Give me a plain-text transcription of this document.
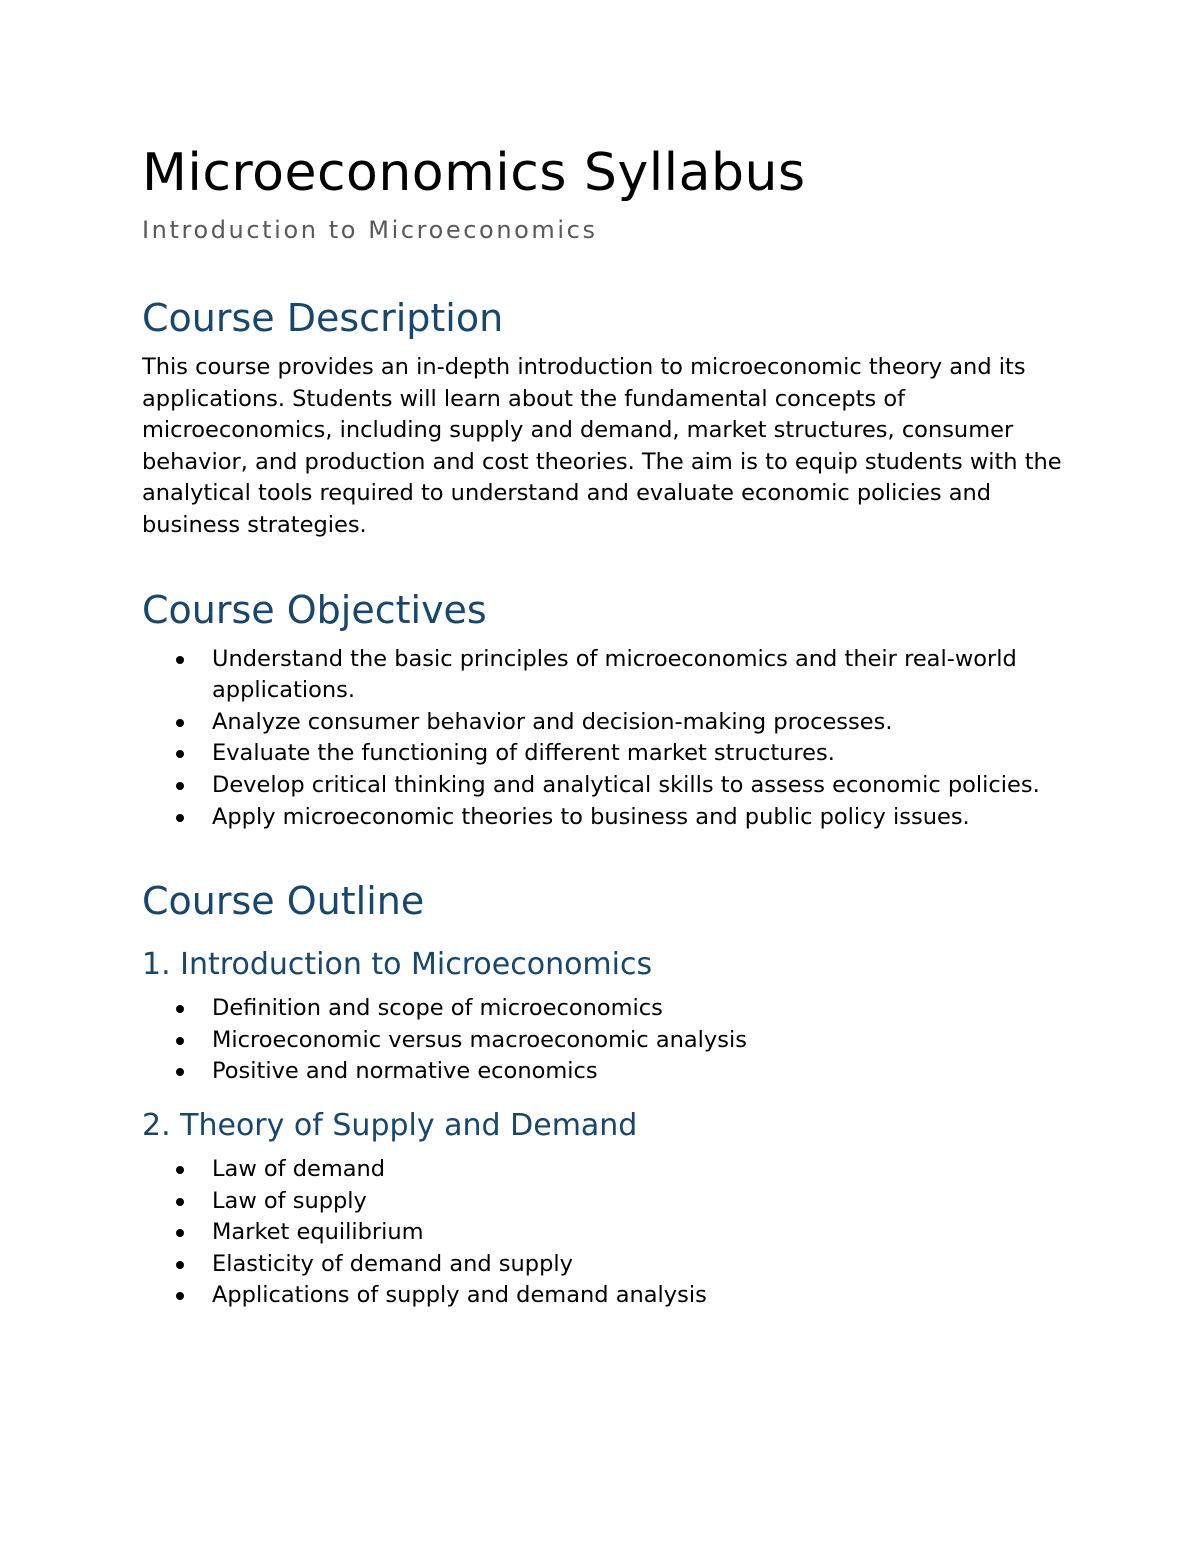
Microeconomics Syllabus
Introduction to Microeconomics
Course Description

This course provides an in-depth introduction to microeconomic theory and its applications. Students will learn about the fundamental concepts of microeconomics, including supply and demand, market structures, consumer behavior, and production and cost theories. The aim is to equip students with the analytical tools required to understand and evaluate economic policies and business strategies.

Course Objectives
Understand the basic principles of microeconomics and their real-world applications.
Analyze consumer behavior and decision-making processes.
Evaluate the functioning of different market structures.
Develop critical thinking and analytical skills to assess economic policies.
Apply microeconomic theories to business and public policy issues.
Course Outline
1. Introduction to Microeconomics
Definition and scope of microeconomics
Microeconomic versus macroeconomic analysis
Positive and normative economics
2. Theory of Supply and Demand
Law of demand
Law of supply
Market equilibrium
Elasticity of demand and supply
Applications of supply and demand analysis
